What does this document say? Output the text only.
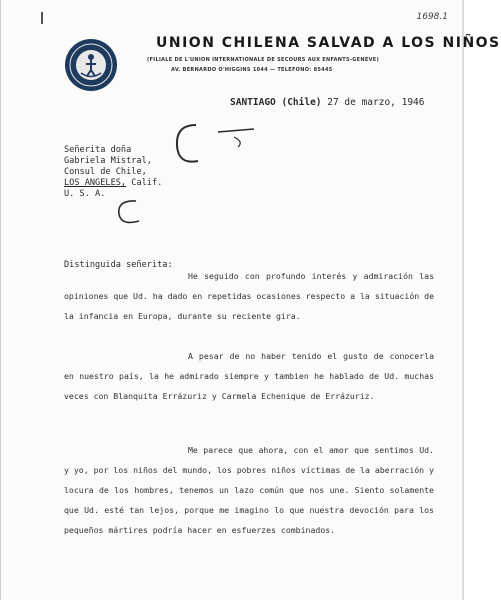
1698.1
UNION CHILENA SALVAD A LOS NIÑOS
(FILIALE DE L'UNION INTERNATIONALE DE SECOURS AUX ENFANTS-GENEVE)
AV. BERNARDO O'HIGGINS 1044 — TELEFONO: 85445
SANTIAGO (Chile) 27 de marzo, 1946
Señerita doña
Gabriela Mistral,
Consul de Chile,
LOS ANGELES, Calif.
U. S. A.
Distinguida señerita:
He seguido con profundo interés y admiración las opiniones que Ud. ha dado en repetidas ocasiones respecto a la situación de la infancia en Europa, durante su reciente gira.
A pesar de no haber tenido el gusto de conocerla en nuestro país, la he admirado siempre y tambien he hablado de Ud. muchas veces con Blanquita Errázuriz y Carmela Echenique de Errázuriz.
Me parece que ahora, con el amor que sentimos Ud. y yo, por los niños del mundo, los pobres niños víctimas de la aberración y locura de los hombres, tenemos un lazo común que nos une. Siento solamente que Ud. esté tan lejos, porque me imagino lo que nuestra devoción para los pequeños mártires podría hacer en esfuerzes combinados.
